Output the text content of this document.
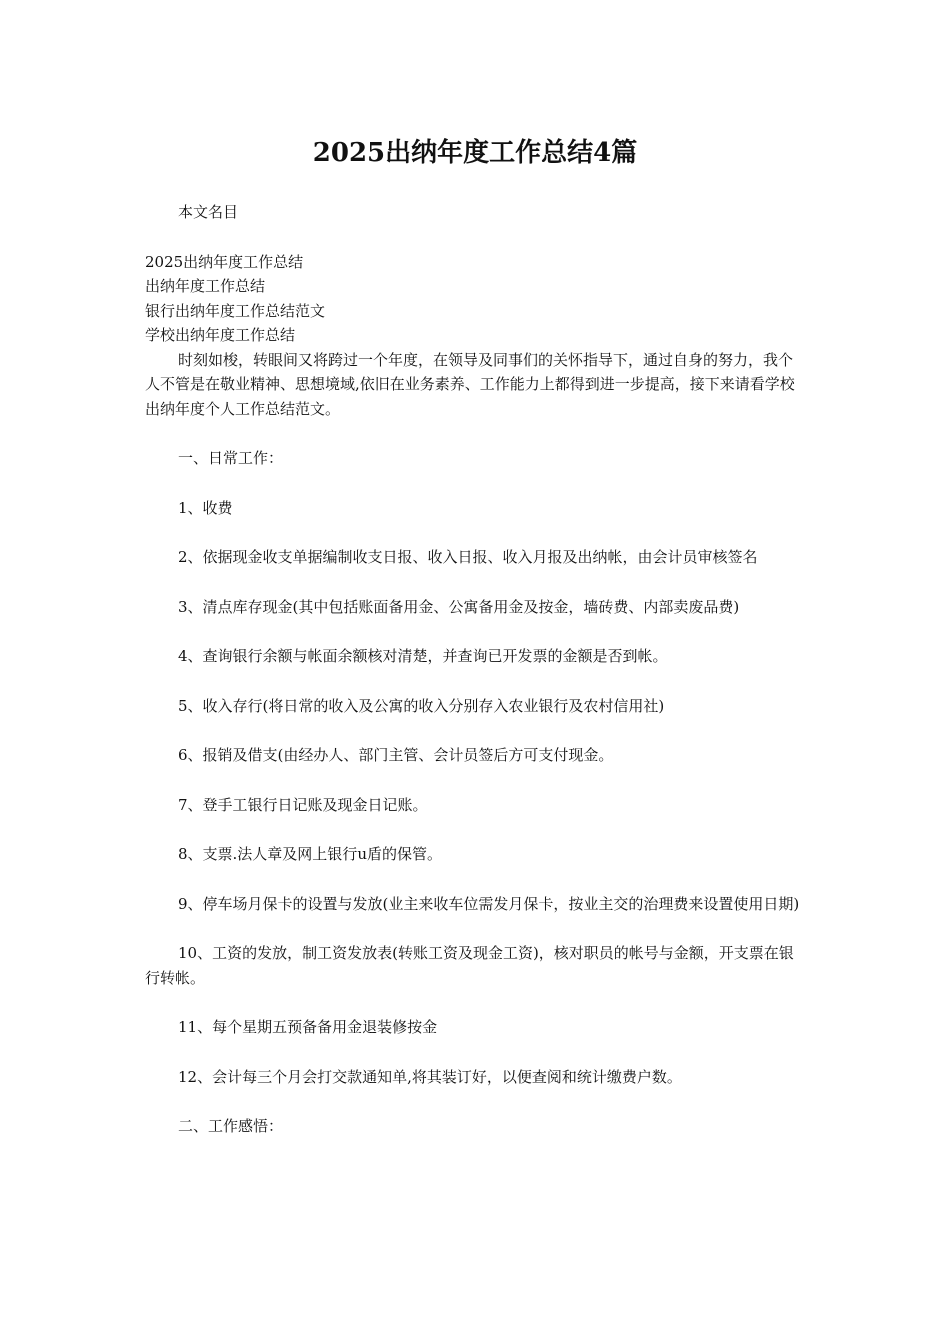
2025出纳年度工作总结4篇

本文名目

2025出纳年度工作总结

出纳年度工作总结

银行出纳年度工作总结范文

学校出纳年度工作总结

时刻如梭，转眼间又将跨过一个年度，在领导及同事们的关怀指导下，通过自身的努力，我个人不管是在敬业精神、思想境域,依旧在业务素养、工作能力上都得到进一步提高，接下来请看学校出纳年度个人工作总结范文。

一、日常工作：

1、收费

2、依据现金收支单据编制收支日报、收入日报、收入月报及出纳帐，由会计员审核签名

3、清点库存现金(其中包括账面备用金、公寓备用金及按金，墙砖费、内部卖废品费)

4、查询银行余额与帐面余额核对清楚，并查询已开发票的金额是否到帐。

5、收入存行(将日常的收入及公寓的收入分别存入农业银行及农村信用社)

6、报销及借支(由经办人、部门主管、会计员签后方可支付现金。

7、登手工银行日记账及现金日记账。

8、支票.法人章及网上银行u盾的保管。

9、停车场月保卡的设置与发放(业主来收车位需发月保卡，按业主交的治理费来设置使用日期)

10、工资的发放，制工资发放表(转账工资及现金工资)，核对职员的帐号与金额，开支票在银行转帐。

11、每个星期五预备备用金退装修按金

12、会计每三个月会打交款通知单,将其装订好，以便查阅和统计缴费户数。

二、工作感悟：
